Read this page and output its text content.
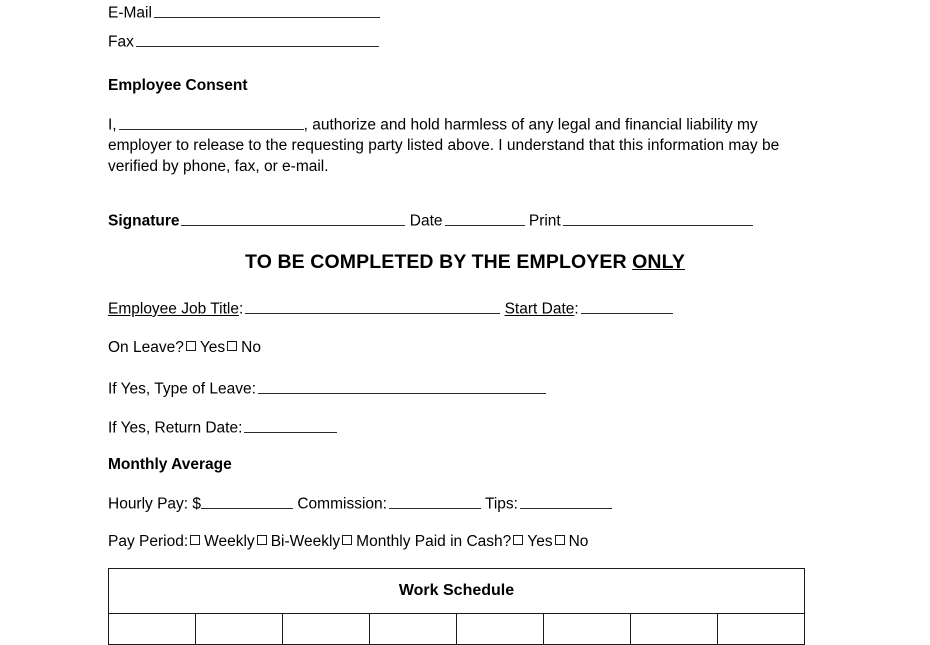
E-Mail
Fax
Employee Consent
I,	, authorize and hold harmless of any legal and financial liability my employer to release to the requesting party listed above. I understand that this information may be verified by phone, fax, or e-mail.
Signature	Date	Print
TO BE COMPLETED BY THE EMPLOYER ONLY
Employee Job Title:	Start Date:
On Leave? Yes No
If Yes, Type of Leave:
If Yes, Return Date:
Monthly Average
Hourly Pay: $	Commission:	Tips:
Pay Period: Weekly Bi-Weekly Monthly Paid in Cash? Yes No
Work Schedule
